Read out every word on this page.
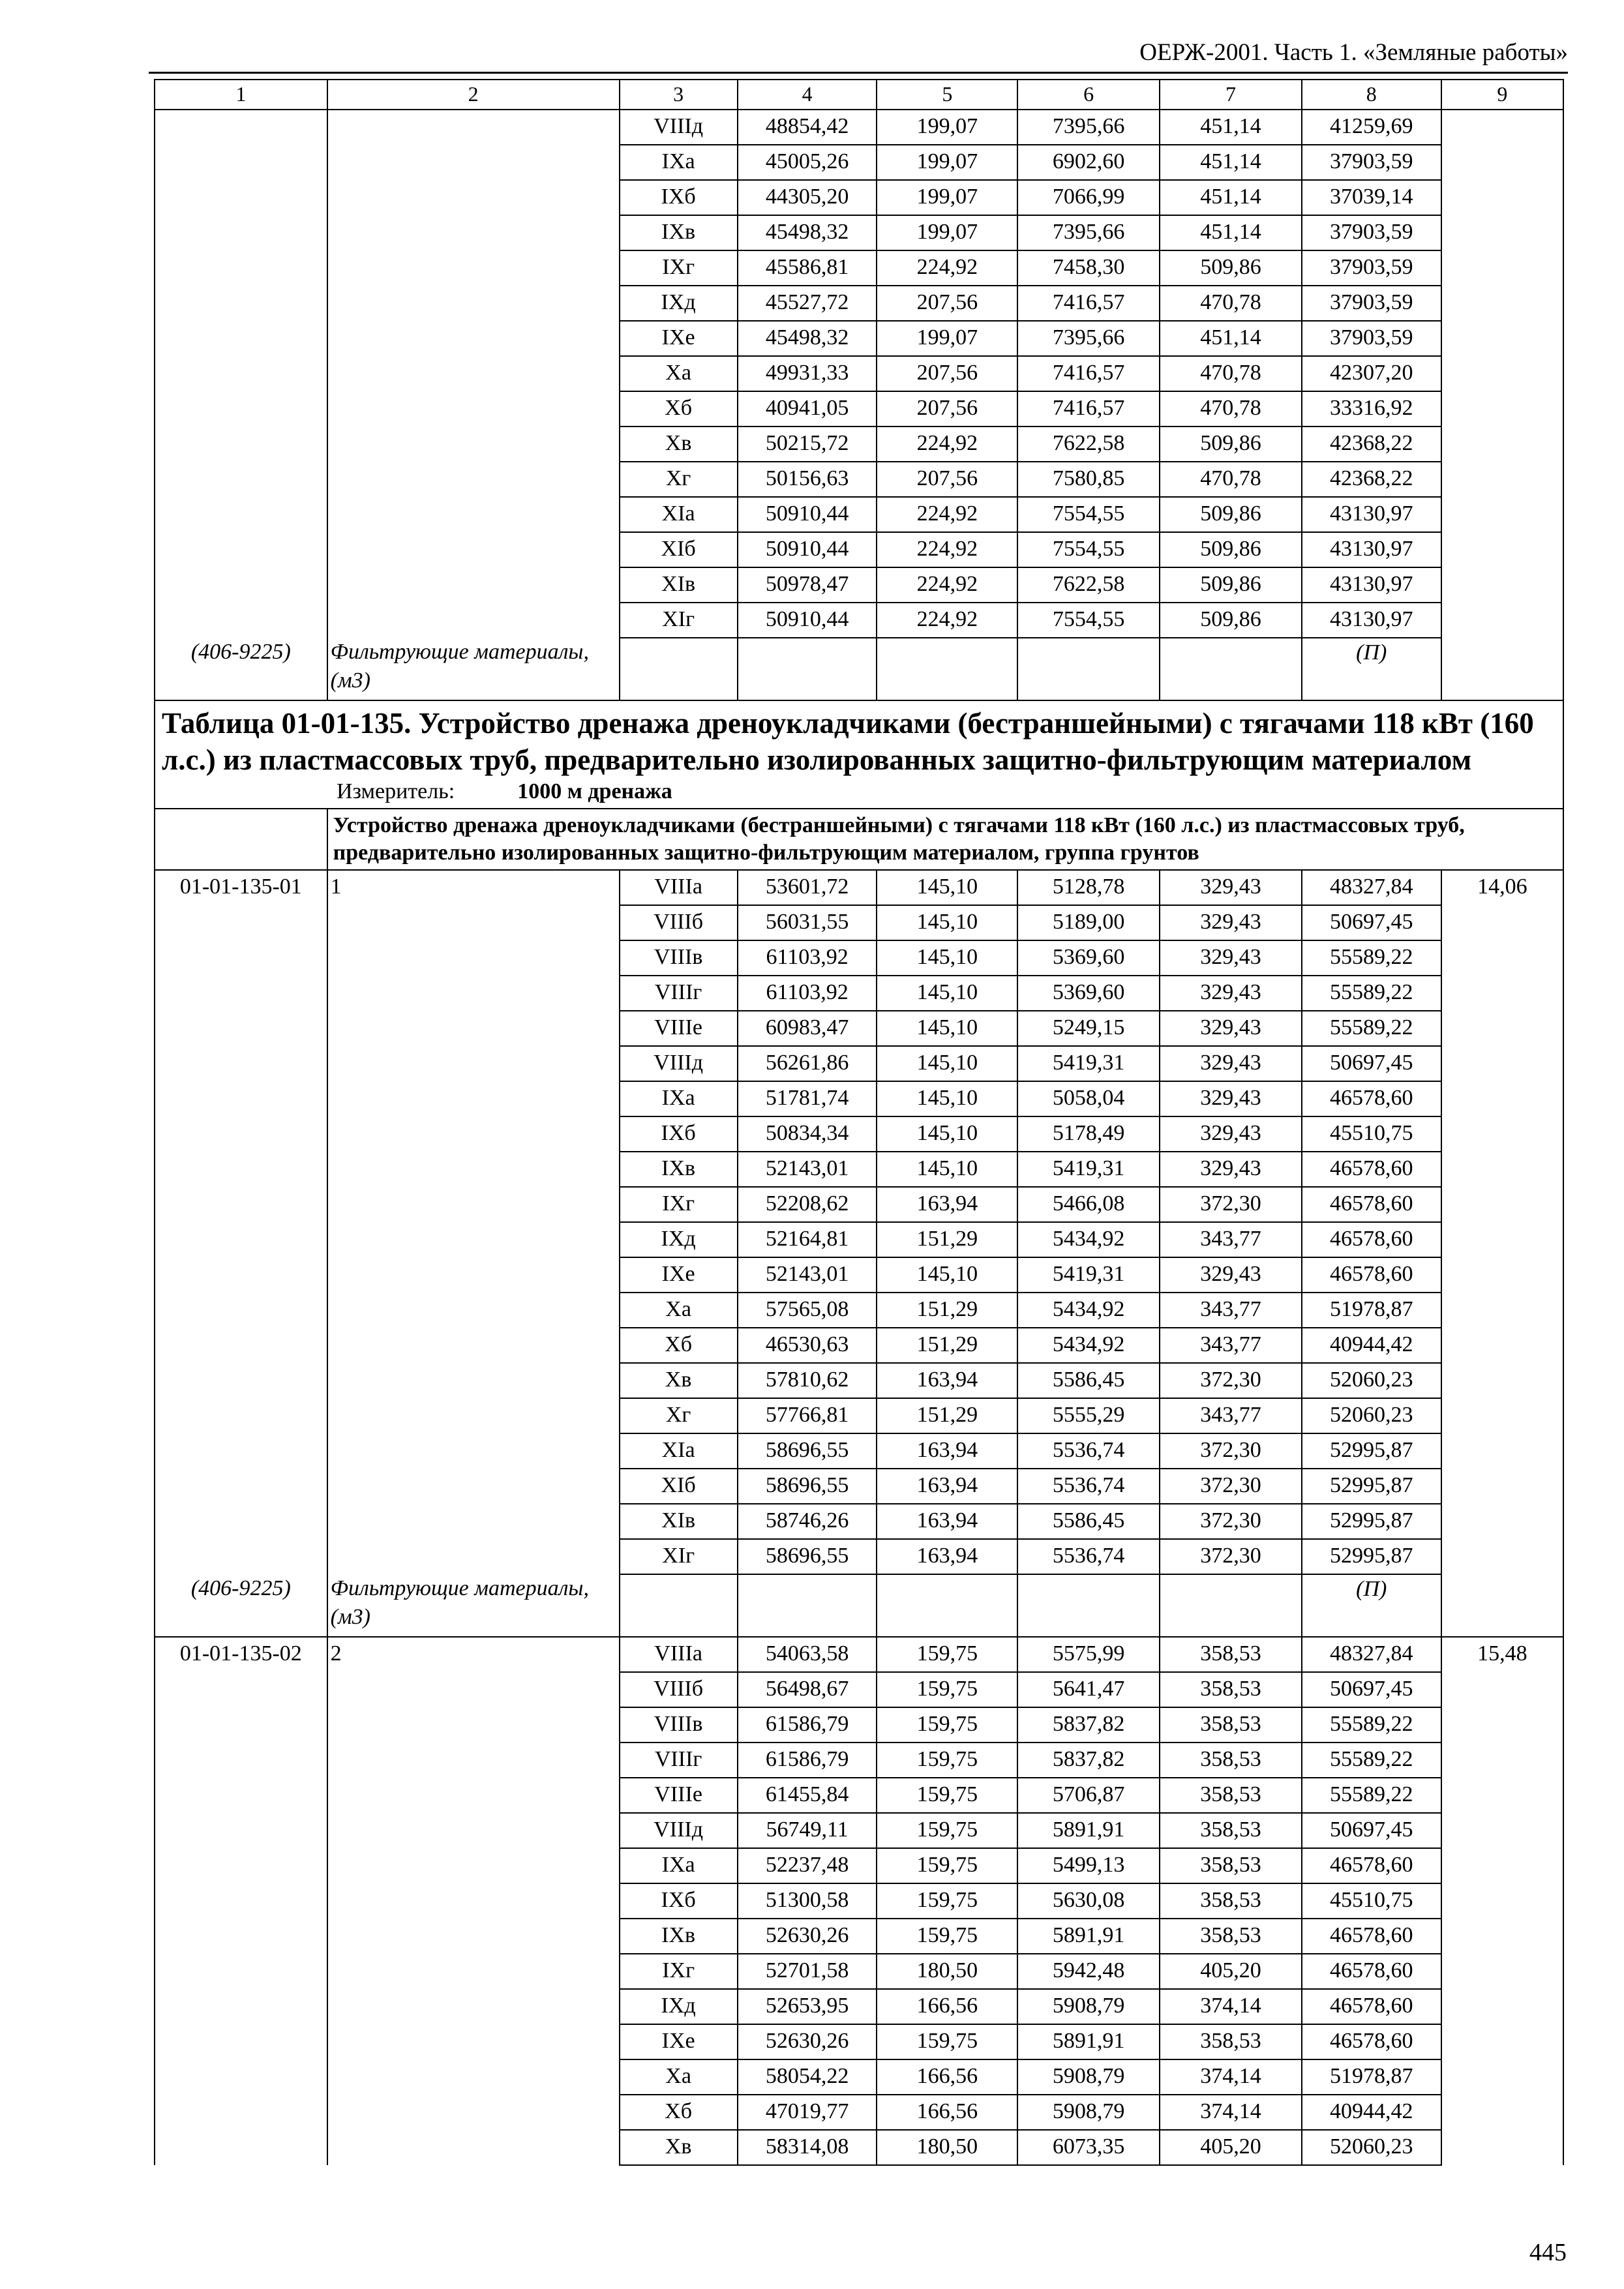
ОЕРЖ-2001. Часть 1. «Земляные работы»
1	2	3	4	5	6	7	8	9
		VIIIд	48854,42	199,07	7395,66	451,14	41259,69	
		IXа	45005,26	199,07	6902,60	451,14	37903,59	
		IXб	44305,20	199,07	7066,99	451,14	37039,14	
		IXв	45498,32	199,07	7395,66	451,14	37903,59	
		IXг	45586,81	224,92	7458,30	509,86	37903,59	
		IXд	45527,72	207,56	7416,57	470,78	37903,59	
		IXе	45498,32	199,07	7395,66	451,14	37903,59	
		Xа	49931,33	207,56	7416,57	470,78	42307,20	
		Xб	40941,05	207,56	7416,57	470,78	33316,92	
		Xв	50215,72	224,92	7622,58	509,86	42368,22	
		Xг	50156,63	207,56	7580,85	470,78	42368,22	
		XIа	50910,44	224,92	7554,55	509,86	43130,97	
		XIб	50910,44	224,92	7554,55	509,86	43130,97	
		XIв	50978,47	224,92	7622,58	509,86	43130,97	
		XIг	50910,44	224,92	7554,55	509,86	43130,97	
(406-9225)	Фильтрующие материалы, (м3)						(П)	

Таблица 01-01-135. Устройство дренажа дреноукладчиками (бестраншейными) с тягачами 118 кВт (160 л.с.) из пластмассовых труб, предварительно изолированных защитно-фильтрующим материалом
Измеритель: 1000 м дренажа								

	Устройство дренажа дреноукладчиками (бестраншейными) с тягачами 118 кВт (160 л.с.) из пластмассовых труб, предварительно изолированных защитно-фильтрующим материалом, группа грунтов							
01-01-135-01	1	VIIIа	53601,72	145,10	5128,78	329,43	48327,84	14,06
		VIIIб	56031,55	145,10	5189,00	329,43	50697,45	
		VIIIв	61103,92	145,10	5369,60	329,43	55589,22	
		VIIIг	61103,92	145,10	5369,60	329,43	55589,22	
		VIIIе	60983,47	145,10	5249,15	329,43	55589,22	
		VIIIд	56261,86	145,10	5419,31	329,43	50697,45	
		IXа	51781,74	145,10	5058,04	329,43	46578,60	
		IXб	50834,34	145,10	5178,49	329,43	45510,75	
		IXв	52143,01	145,10	5419,31	329,43	46578,60	
		IXг	52208,62	163,94	5466,08	372,30	46578,60	
		IXд	52164,81	151,29	5434,92	343,77	46578,60	
		IXе	52143,01	145,10	5419,31	329,43	46578,60	
		Xа	57565,08	151,29	5434,92	343,77	51978,87	
		Xб	46530,63	151,29	5434,92	343,77	40944,42	
		Xв	57810,62	163,94	5586,45	372,30	52060,23	
		Xг	57766,81	151,29	5555,29	343,77	52060,23	
		XIа	58696,55	163,94	5536,74	372,30	52995,87	
		XIб	58696,55	163,94	5536,74	372,30	52995,87	
		XIв	58746,26	163,94	5586,45	372,30	52995,87	
		XIг	58696,55	163,94	5536,74	372,30	52995,87	
(406-9225)	Фильтрующие материалы, (м3)						(П)	
01-01-135-02	2	VIIIа	54063,58	159,75	5575,99	358,53	48327,84	15,48
		VIIIб	56498,67	159,75	5641,47	358,53	50697,45	
		VIIIв	61586,79	159,75	5837,82	358,53	55589,22	
		VIIIг	61586,79	159,75	5837,82	358,53	55589,22	
		VIIIе	61455,84	159,75	5706,87	358,53	55589,22	
		VIIIд	56749,11	159,75	5891,91	358,53	50697,45	
		IXа	52237,48	159,75	5499,13	358,53	46578,60	
		IXб	51300,58	159,75	5630,08	358,53	45510,75	
		IXв	52630,26	159,75	5891,91	358,53	46578,60	
		IXг	52701,58	180,50	5942,48	405,20	46578,60	
		IXд	52653,95	166,56	5908,79	374,14	46578,60	
		IXе	52630,26	159,75	5891,91	358,53	46578,60	
		Xа	58054,22	166,56	5908,79	374,14	51978,87	
		Xб	47019,77	166,56	5908,79	374,14	40944,42	
		Xв	58314,08	180,50	6073,35	405,20	52060,23	
445
